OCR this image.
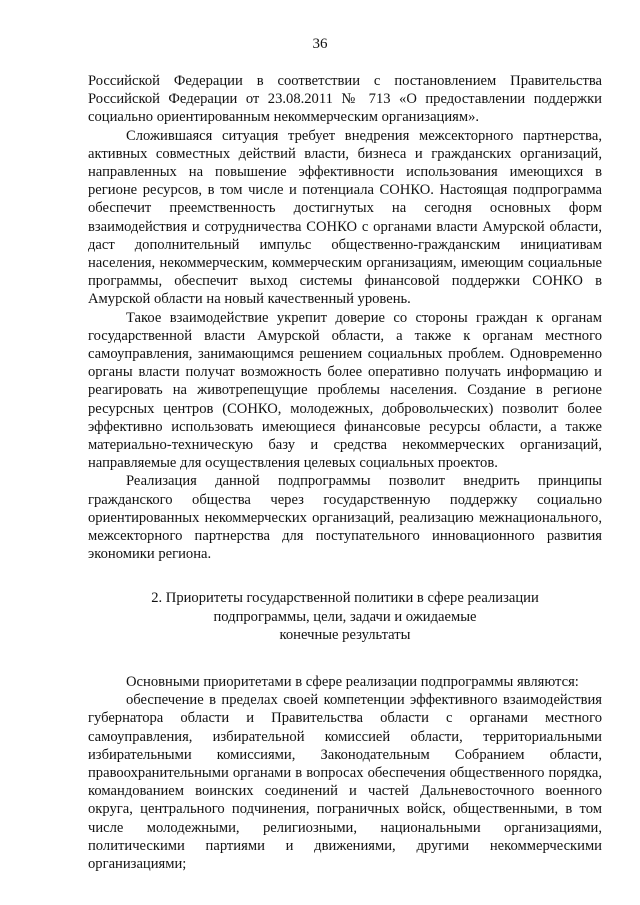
36

Российской Федерации в соответствии с постановлением Правительства Российской Федерации от 23.08.2011 № 713 «О предоставлении поддержки социально ориентированным некоммерческим организациям».

Сложившаяся ситуация требует внедрения межсекторного партнерства, активных совместных действий власти, бизнеса и гражданских организаций, направленных на повышение эффективности использования имеющихся в регионе ресурсов, в том числе и потенциала СОНКО. Настоящая подпрограмма обеспечит преемственность достигнутых на сегодня основных форм взаимодействия и сотрудничества СОНКО с органами власти Амурской области, даст дополнительный импульс общественно-гражданским инициативам населения, некоммерческим, коммерческим организациям, имеющим социальные программы, обеспечит выход системы финансовой поддержки СОНКО в Амурской области на новый качественный уровень.

Такое взаимодействие укрепит доверие со стороны граждан к органам государственной власти Амурской области, а также к органам местного самоуправления, занимающимся решением социальных проблем. Одновременно органы власти получат возможность более оперативно получать информацию и реагировать на животрепещущие проблемы населения. Создание в регионе ресурсных центров (СОНКО, молодежных, добровольческих) позволит более эффективно использовать имеющиеся финансовые ресурсы области, а также материально-техническую базу и средства некоммерческих организаций, направляемые для осуществления целевых социальных проектов.

Реализация данной подпрограммы позволит внедрить принципы гражданского общества через государственную поддержку социально ориентированных некоммерческих организаций, реализацию межнационального, межсекторного партнерства для поступательного инновационного развития экономики региона.

2. Приоритеты государственной политики в сфере реализации

подпрограммы, цели, задачи и ожидаемые

конечные результаты

Основными приоритетами в сфере реализации подпрограммы являются:

обеспечение в пределах своей компетенции эффективного взаимодействия губернатора области и Правительства области с органами местного самоуправления, избирательной комиссией области, территориальными избирательными комиссиями, Законодательным Собранием области, правоохранительными органами в вопросах обеспечения общественного порядка, командованием воинских соединений и частей Дальневосточного военного округа, центрального подчинения, пограничных войск, общественными, в том числе молодежными, религиозными, национальными организациями, политическими партиями и движениями, другими некоммерческими организациями;
